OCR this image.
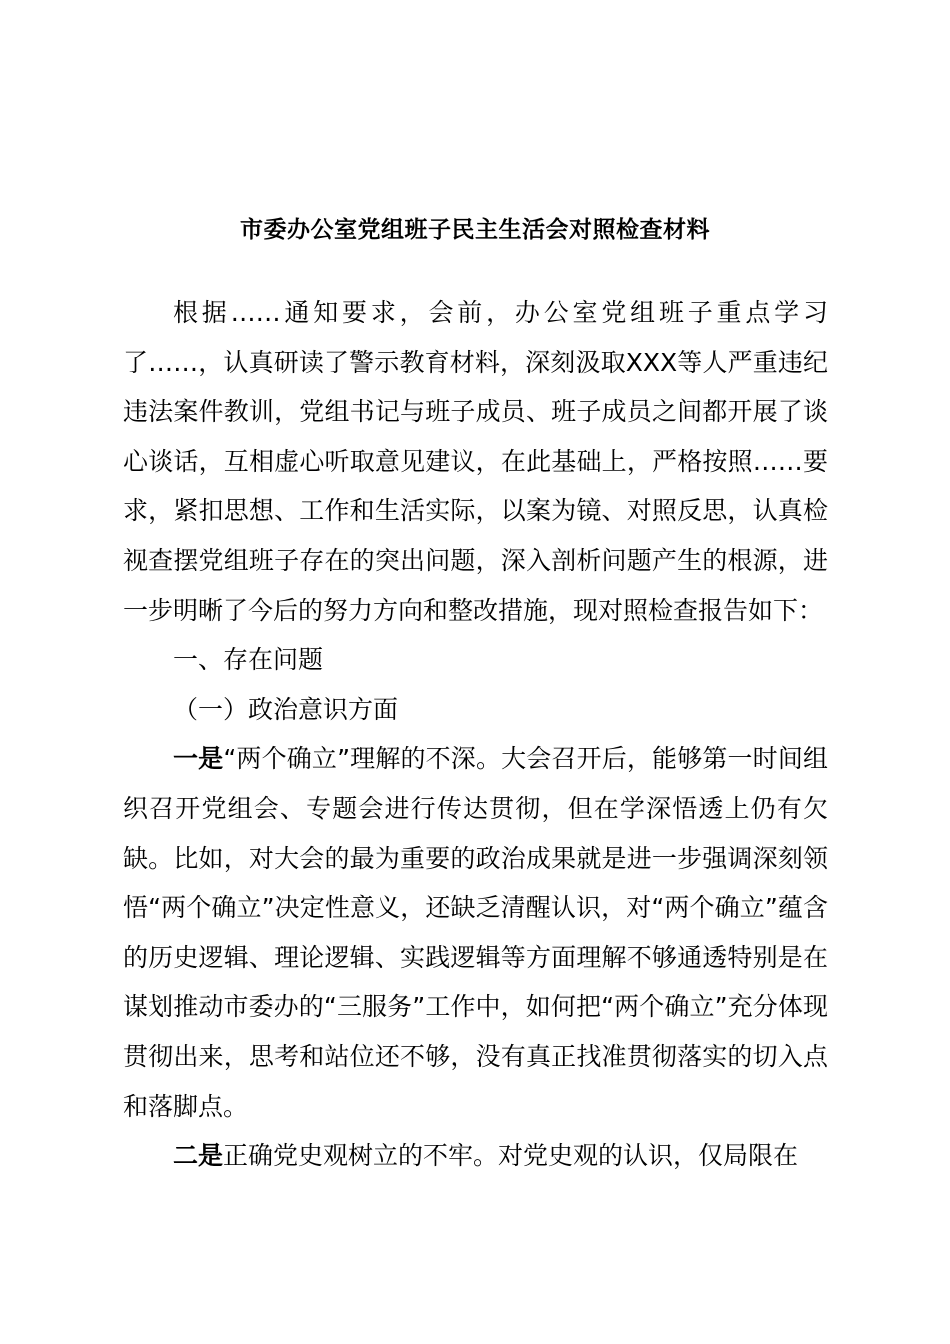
市委办公室党组班子民主生活会对照检查材料

根据……通知要求，会前，办公室党组班子重点学习了……，认真研读了警示教育材料，深刻汲取XXX等人严重违纪违法案件教训，党组书记与班子成员、班子成员之间都开展了谈心谈话，互相虚心听取意见建议，在此基础上，严格按照……要求，紧扣思想、工作和生活实际，以案为镜、对照反思，认真检视查摆党组班子存在的突出问题，深入剖析问题产生的根源，进一步明晰了今后的努力方向和整改措施，现对照检查报告如下：

一、存在问题

（一）政治意识方面

一是“两个确立”理解的不深。大会召开后，能够第一时间组织召开党组会、专题会进行传达贯彻，但在学深悟透上仍有欠缺。比如，对大会的最为重要的政治成果就是进一步强调深刻领悟“两个确立”决定性意义，还缺乏清醒认识，对“两个确立”蕴含的历史逻辑、理论逻辑、实践逻辑等方面理解不够通透特别是在谋划推动市委办的“三服务”工作中，如何把“两个确立”充分体现贯彻出来，思考和站位还不够，没有真正找准贯彻落实的切入点和落脚点。

二是正确党史观树立的不牢。对党史观的认识，仅局限在
